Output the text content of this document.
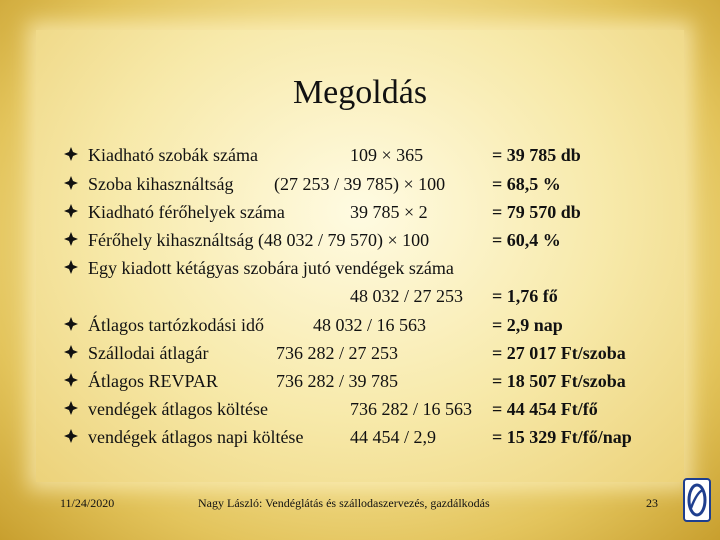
Megoldás
Kiadható szobák száma	109 × 365	= 39 785 db
Szoba kihasználtság (27 253 / 39 785) × 100	= 68,5 %
Kiadható férőhelyek száma	39 785 × 2	= 79 570 db
Férőhely kihasználtság (48 032 / 79 570) × 100	= 60,4 %
Egy kiadott kétágyas szobára jutó vendégek száma
48 032 / 27 253 = 1,76 fő
Átlagos tartózkodási idő	48 032 / 16 563	= 2,9 nap
Szállodai átlagár	736 282 / 27 253	= 27 017 Ft/szoba
Átlagos REVPAR	736 282 / 39 785	= 18 507 Ft/szoba
vendégek átlagos költése	736 282 / 16 563 = 44 454 Ft/fő
vendégek átlagos napi költése	44 454 / 2,9	= 15 329 Ft/fő/nap
11/24/2020	Nagy László: Vendéglátás és szállodaszervezés, gazdálkodás	23
